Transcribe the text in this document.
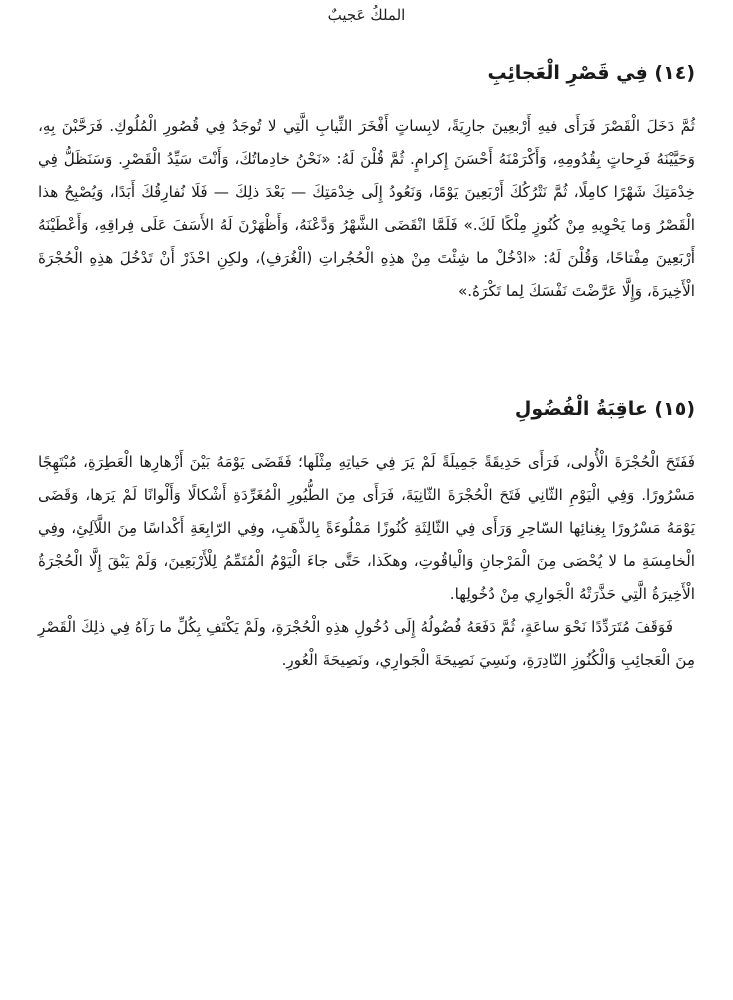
الملكُ عَجيبٌ
(١٤) فِي قَصْرِ الْعَجائِبِ

ثُمَّ دَخَلَ الْقَصْرَ فَرَأَى فيهِ أَرْبعِينَ جارِيَةً، لابِساتٍ أَفْخَرَ الثِّيابِ الَّتِي لا تُوجَدُ فِي قُصُورِ الْمُلُوكِ. فَرَحَّبْنَ بِهِ، وَحَيَّيْنَهُ فَرِحاتٍ بِقُدُومِهِ، وَأَكْرَمْنَهُ أَحْسَنَ إِكرامٍ. ثُمَّ قُلْنَ لَهُ: «نَحْنُ خادِماتُكَ، وَأَنْتَ سَيِّدُ الْقَصْرِ. وَسَنَظَلُّ فِي خِدْمَتِكَ شَهْرًا كامِلًا، ثُمَّ نَتْرُكُكَ أَرْبَعِينَ يَوْمًا، وَنَعُودُ إِلَى خِدْمَتِكَ — بَعْدَ ذلِكَ — فَلَا نُفارِقُكَ أَبَدًا، وَيُصْبِحُ هذا الْقَصْرُ وَما يَحْوِيهِ مِنْ كُنُوزٍ مِلْكًا لَكَ.» فَلَمَّا انْقَضَى الشَّهْرُ وَدَّعْنَهُ، وَأَظْهَرْنَ لَهُ الأَسَفَ عَلَى فِراقِهِ، وَأَعْطَيْنَهُ أَرْبَعِينَ مِفْتاحًا، وَقُلْنَ لَهُ: «ادْخُلْ ما شِئْتَ مِنْ هذِهِ الْحُجُراتِ (الْغُرَفِ)، ولكِنِ احْذَرْ أَنْ تَدْخُلَ هذِهِ الْحُجْرَةَ الْأَخِيرَةَ، وَإِلَّا عَرَّضْتَ نَفْسَكَ لِما تَكْرَهُ.»

(١٥) عاقِبَةُ الْفُضُولِ

فَفَتَحَ الْحُجْرَةَ الْأُولى، فَرَأَى حَدِيقَةً جَمِيلَةً لَمْ يَرَ فِي حَياتِهِ مِثْلَها؛ فَقَضَى يَوْمَهُ بَيْنَ أَزْهارِها الْعَطِرَةِ، مُبْتَهِجًا مَسْرُورًا. وَفِي الْيَوْمِ الثّانِي فَتَحَ الْحُجْرَةَ الثّانِيَةَ، فَرَأَى مِنَ الطُّيُورِ الْمُغَرِّدَةِ أَشْكالًا وَأَلْوانًا لَمْ يَرَها، وَقَضَى يَوْمَهُ مَسْرُورًا بِغِنائِها السّاحِرِ وَرَأَى فِي الثّالِثَةِ كُنُوزًا مَمْلُوءَةً بِالذَّهَبِ، وفِي الرّابِعَةِ أَكْداسًا مِنَ اللَّآلِئِ، وفِي الْخامِسَةِ ما لا يُحْصَى مِنَ الْمَرْجانِ وَالْياقُوتِ، وهكَذا، حَتَّى جاءَ الْيَوْمُ الْمُتَمِّمُ لِلْأَرْبَعِينَ، وَلَمْ يَبْقَ إِلَّا الْحُجْرَةُ الْأَخِيرَةُ الَّتِي حَذَّرَتْهُ الْجَوارِي مِنْ دُخُولِها.

فَوَقَفَ مُتَرَدِّدًا نَحْوَ ساعَةٍ، ثُمَّ دَفَعَهُ فُضُولُهُ إِلَى دُخُولِ هذِهِ الْحُجْرَةِ، ولَمْ يَكْتَفِ بِكُلِّ ما رَآهُ فِي ذلِكَ الْقَصْرِ مِنَ الْعَجائِبِ وَالْكُنُوزِ النّادِرَةِ، ونَسِيَ نَصِيحَةَ الْجَوارِي، ونَصِيحَةَ الْعُورِ.
